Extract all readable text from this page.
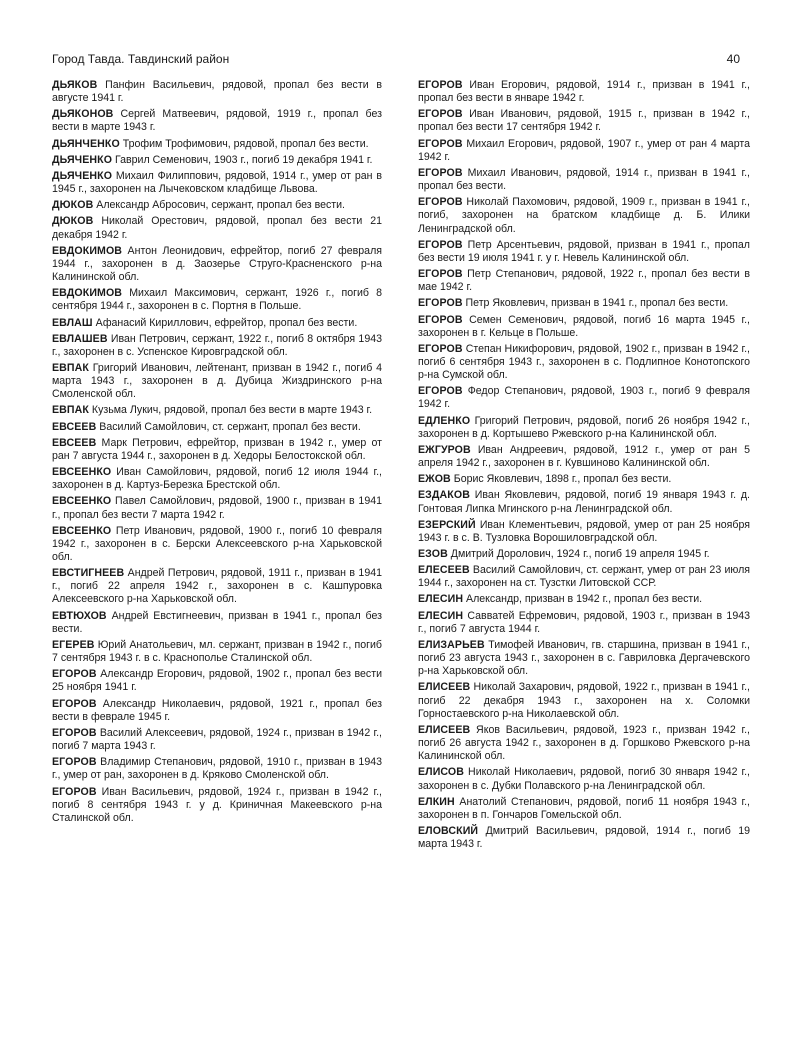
Город Тавда. Тавдинский район	40

ДЬЯКОВ Панфин Васильевич, рядовой, пропал без вести в августе 1941 г.

ДЬЯКОНОВ Сергей Матвеевич, рядовой, 1919 г., пропал без вести в марте 1943 г.

ДЬЯНЧЕНКО Трофим Трофимович, рядовой, пропал без вести.

ДЬЯЧЕНКО Гаврил Семенович, 1903 г., погиб 19 декабря 1941 г.

ДЬЯЧЕНКО Михаил Филиппович, рядовой, 1914 г., умер от ран в 1945 г., захоронен на Лычековском кладбище Львова.

ДЮКОВ Александр Абросович, сержант, пропал без вести.

ДЮКОВ Николай Орестович, рядовой, пропал без вести 21 декабря 1942 г.

ЕВДОКИМОВ Антон Леонидович, ефрейтор, погиб 27 февраля 1944 г., захоронен в д. Заозерье Струго-Красненского р-на Калининской обл.

ЕВДОКИМОВ Михаил Максимович, сержант, 1926 г., погиб 8 сентября 1944 г., захоронен в с. Портня в Польше.

ЕВЛАШ Афанасий Кириллович, ефрейтор, пропал без вести.

ЕВЛАШЕВ Иван Петрович, сержант, 1922 г., погиб 8 октября 1943 г., захоронен в с. Успенское Кировградской обл.

ЕВПАК Григорий Иванович, лейтенант, призван в 1942 г., погиб 4 марта 1943 г., захоронен в д. Дубица Жиздринского р-на Смоленской обл.

ЕВПАК Кузьма Лукич, рядовой, пропал без вести в марте 1943 г.

ЕВСЕЕВ Василий Самойлович, ст. сержант, пропал без вести.

ЕВСЕЕВ Марк Петрович, ефрейтор, призван в 1942 г., умер от ран 7 августа 1944 г., захоронен в д. Хедоры Белостокской обл.

ЕВСЕЕНКО Иван Самойлович, рядовой, погиб 12 июля 1944 г., захоронен в д. Картуз-Березка Брестской обл.

ЕВСЕЕНКО Павел Самойлович, рядовой, 1900 г., призван в 1941 г., пропал без вести 7 марта 1942 г.

ЕВСЕЕНКО Петр Иванович, рядовой, 1900 г., погиб 10 февраля 1942 г., захоронен в с. Берски Алексеевского р-на Харьковской обл.

ЕВСТИГНЕЕВ Андрей Петрович, рядовой, 1911 г., призван в 1941 г., погиб 22 апреля 1942 г., захоронен в с. Кашпуровка Алексеевского р-на Харьковской обл.

ЕВТЮХОВ Андрей Евстигнеевич, призван в 1941 г., пропал без вести.

ЕГЕРЕВ Юрий Анатольевич, мл. сержант, призван в 1942 г., погиб 7 сентября 1943 г. в с. Краснополье Сталинской обл.

ЕГОРОВ Александр Егорович, рядовой, 1902 г., пропал без вести 25 ноября 1941 г.

ЕГОРОВ Александр Николаевич, рядовой, 1921 г., пропал без вести в феврале 1945 г.

ЕГОРОВ Василий Алексеевич, рядовой, 1924 г., призван в 1942 г., погиб 7 марта 1943 г.

ЕГОРОВ Владимир Степанович, рядовой, 1910 г., призван в 1943 г., умер от ран, захоронен в д. Кряково Смоленской обл.

ЕГОРОВ Иван Васильевич, рядовой, 1924 г., призван в 1942 г., погиб 8 сентября 1943 г. у д. Криничная Макеевского р-на Сталинской обл.

ЕГОРОВ Иван Егорович, рядовой, 1914 г., призван в 1941 г., пропал без вести в январе 1942 г.

ЕГОРОВ Иван Иванович, рядовой, 1915 г., призван в 1942 г., пропал без вести 17 сентября 1942 г.

ЕГОРОВ Михаил Егорович, рядовой, 1907 г., умер от ран 4 марта 1942 г.

ЕГОРОВ Михаил Иванович, рядовой, 1914 г., призван в 1941 г., пропал без вести.

ЕГОРОВ Николай Пахомович, рядовой, 1909 г., призван в 1941 г., погиб, захоронен на братском кладбище д. Б. Илики Ленинградской обл.

ЕГОРОВ Петр Арсентьевич, рядовой, призван в 1941 г., пропал без вести 19 июля 1941 г. у г. Невель Калининской обл.

ЕГОРОВ Петр Степанович, рядовой, 1922 г., пропал без вести в мае 1942 г.

ЕГОРОВ Петр Яковлевич, призван в 1941 г., пропал без вести.

ЕГОРОВ Семен Семенович, рядовой, погиб 16 марта 1945 г., захоронен в г. Кельце в Польше.

ЕГОРОВ Степан Никифорович, рядовой, 1902 г., призван в 1942 г., погиб 6 сентября 1943 г., захоронен в с. Подлипное Конотопского р-на Сумской обл.

ЕГОРОВ Федор Степанович, рядовой, 1903 г., погиб 9 февраля 1942 г.

ЕДЛЕНКО Григорий Петрович, рядовой, погиб 26 ноября 1942 г., захоронен в д. Кортышево Ржевского р-на Калининской обл.

ЕЖГУРОВ Иван Андреевич, рядовой, 1912 г., умер от ран 5 апреля 1942 г., захоронен в г. Кувшиново Калининской обл.

ЕЖОВ Борис Яковлевич, 1898 г., пропал без вести.

ЕЗДАКОВ Иван Яковлевич, рядовой, погиб 19 января 1943 г. д. Гонтовая Липка Мгинского р-на Ленинградской обл.

ЕЗЕРСКИЙ Иван Клементьевич, рядовой, умер от ран 25 ноября 1943 г. в с. В. Тузловка Ворошиловградской обл.

ЕЗОВ Дмитрий Доролович, 1924 г., погиб 19 апреля 1945 г.

ЕЛЕСЕЕВ Василий Самойлович, ст. сержант, умер от ран 23 июля 1944 г., захоронен на ст. Тузстки Литовской ССР.

ЕЛЕСИН Александр, призван в 1942 г., пропал без вести.

ЕЛЕСИН Савватей Ефремович, рядовой, 1903 г., призван в 1943 г., погиб 7 августа 1944 г.

ЕЛИЗАРЬЕВ Тимофей Иванович, гв. старшина, призван в 1941 г., погиб 23 августа 1943 г., захоронен в с. Гавриловка Дергачевского р-на Харьковской обл.

ЕЛИСЕЕВ Николай Захарович, рядовой, 1922 г., призван в 1941 г., погиб 22 декабря 1943 г., захоронен на х. Соломки Горностаевского р-на Николаевской обл.

ЕЛИСЕЕВ Яков Васильевич, рядовой, 1923 г., призван 1942 г., погиб 26 августа 1942 г., захоронен в д. Горшково Ржевского р-на Калининской обл.

ЕЛИСОВ Николай Николаевич, рядовой, погиб 30 января 1942 г., захоронен в с. Дубки Полавского р-на Ленинградской обл.

ЕЛКИН Анатолий Степанович, рядовой, погиб 11 ноября 1943 г., захоронен в п. Гончаров Гомельской обл.

ЕЛОВСКИЙ Дмитрий Васильевич, рядовой, 1914 г., погиб 19 марта 1943 г.
